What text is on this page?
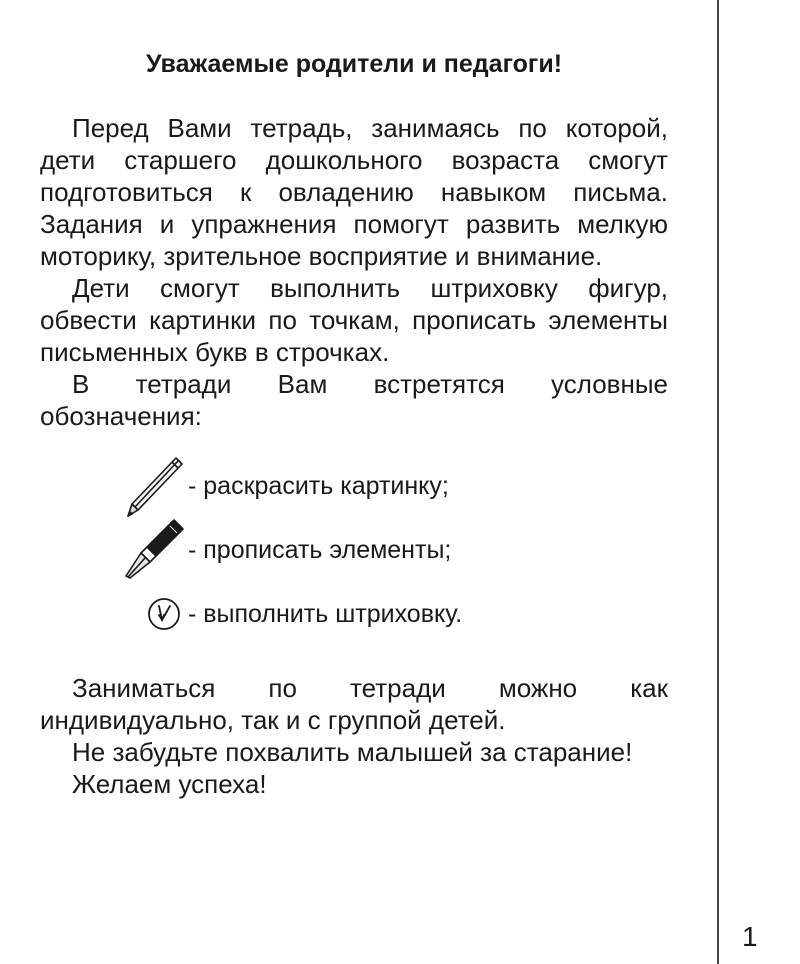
Уважаемые родители и педагоги!

Перед Вами тетрадь, занимаясь по которой, дети старшего дошкольного возраста смогут подготовиться к овладению навыком письма. Задания и упражнения помогут развить мелкую моторику, зрительное восприятие и внимание.

Дети смогут выполнить штриховку фигур, обвести картинки по точкам, прописать элементы письменных букв в строчках.

В тетради Вам встретятся условные обозначения:

- раскрасить картинку;
- прописать элементы;
- выполнить штриховку.

Заниматься по тетради можно как индивидуально, так и с группой детей.

Не забудьте похвалить малышей за старание!

Желаем успеха!

1
